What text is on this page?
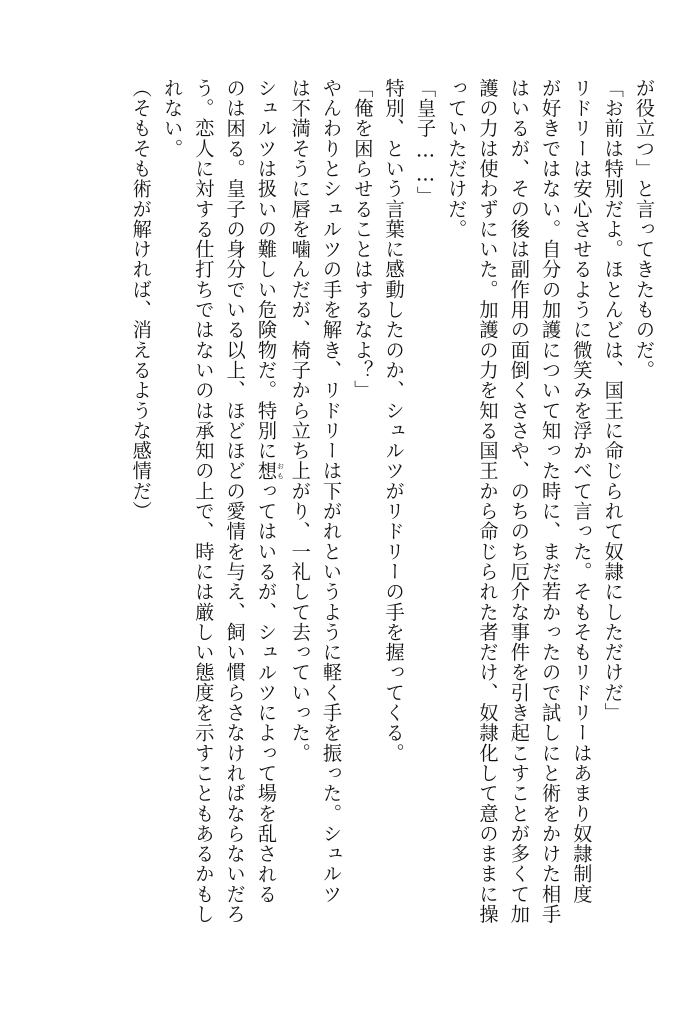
が役立つ」と言ってきたものだ。
「お前は特別だよ。ほとんどは、国王に命じられて奴隷にしただけだ」
リドリーは安心させるように微笑みを浮かべて言った。そもそもリドリーはあまり奴隷制度
が好きではない。自分の加護について知った時に、まだ若かったので試しにと術をかけた相手
はいるが、その後は副作用の面倒くささや、のちのち厄介な事件を引き起こすことが多くて加
護の力は使わずにいた。加護の力を知る国王から命じられた者だけ、奴隷化して意のままに操
っていただけだ。
「皇子……」
特別、という言葉に感動したのか、シュルツがリドリーの手を握ってくる。
「俺を困らせることはするなよ？」
やんわりとシュルツの手を解き、リドリーは下がれというように軽く手を振った。シュルツ
は不満そうに唇を噛んだが、椅子から立ち上がり、一礼して去っていった。
シュルツは扱いの難しい危険物だ。特別に想おもってはいるが、シュルツによって場を乱される
のは困る。皇子の身分でいる以上、ほどほどの愛情を与え、飼い慣らさなければならないだろ
う。恋人に対する仕打ちではないのは承知の上で、時には厳しい態度を示すこともあるかもし
れない。
（そもそも術が解ければ、消えるような感情だ）
